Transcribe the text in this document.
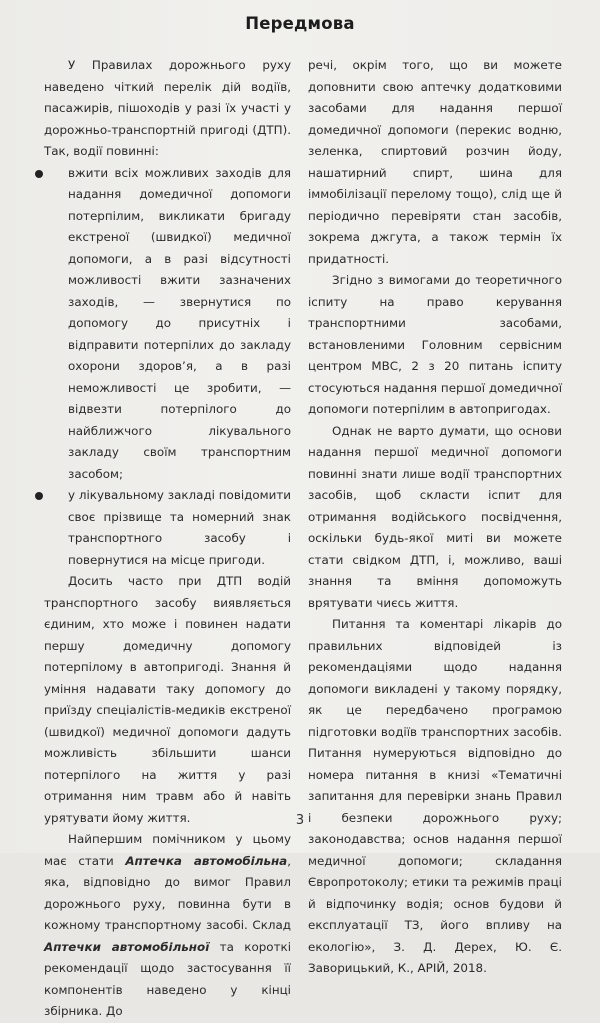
Передмова

У Правилах дорожнього руху наведено чіткий перелік дій водіїв, пасажирів, пішоходів у разі їх участі у дорожньо-транспортній пригоді (ДТП). Так, водії повинні:

вжити всіх можливих заходів для надання домедичної допомоги потерпілим, викликати бригаду екстреної (швидкої) медичної допомоги, а в разі відсутності можливості вжити зазначених заходів, — звернутися по допомогу до присутніх і відправити потерпілих до закладу охорони здоров’я, а в разі неможливості це зробити, — відвезти потерпілого до найближчого лікувального закладу своїм транспортним засобом;
у лікувальному закладі повідомити своє прізвище та номерний знак транспортного засобу і повернутися на місце пригоди.

Досить часто при ДТП водій транспортного засобу виявляється єдиним, хто може і повинен надати першу домедичну допомогу потерпілому в автопригоді. Знання й уміння надавати таку допомогу до приїзду спеціалістів-медиків екстреної (швидкої) медичної допомоги дадуть можливість збільшити шанси потерпілого на життя у разі отримання ним травм або й навіть урятувати йому життя.

Найпершим помічником у цьому має стати Аптечка автомобільна, яка, відповідно до вимог Правил дорожнього руху, повинна бути в кожному транспортному засобі. Склад Аптечки автомобільної та короткі рекомендації щодо застосування її компонентів наведено у кінці збірника. До

речі, окрім того, що ви можете доповнити свою аптечку додатковими засобами для надання першої домедичної допомоги (перекис водню, зеленка, спиртовий розчин йоду, нашатирний спирт, шина для іммобілізації перелому тощо), слід ще й періодично перевіряти стан засобів, зокрема джгута, а також термін їх придатності.

Згідно з вимогами до теоретичного іспиту на право керування транспортними засобами, встановленими Головним сервісним центром МВС, 2 з 20 питань іспиту стосуються надання першої домедичної допомоги потерпілим в автопригодах.

Однак не варто думати, що основи надання першої медичної допомоги повинні знати лише водії транспортних засобів, щоб скласти іспит для отримання водійського посвідчення, оскільки будь-якої миті ви можете стати свідком ДТП, і, можливо, ваші знання та вміння допоможуть врятувати чиєсь життя.

Питання та коментарі лікарів до правильних відповідей із рекомендаціями щодо надання допомоги викладені у такому порядку, як це передбачено програмою підготовки водіїв транспортних засобів. Питання нумеруються відповідно до номера питання в книзі «Тематичні запитання для перевірки знань Правил і безпеки дорожнього руху; законодавства; основ надання першої медичної допомоги; складання Європротоколу; етики та режимів праці й відпочинку водія; основ будови й експлуатації ТЗ, його впливу на екологію», З. Д. Дерех, Ю. Є. Заворицький, К., АРІЙ, 2018.

3
